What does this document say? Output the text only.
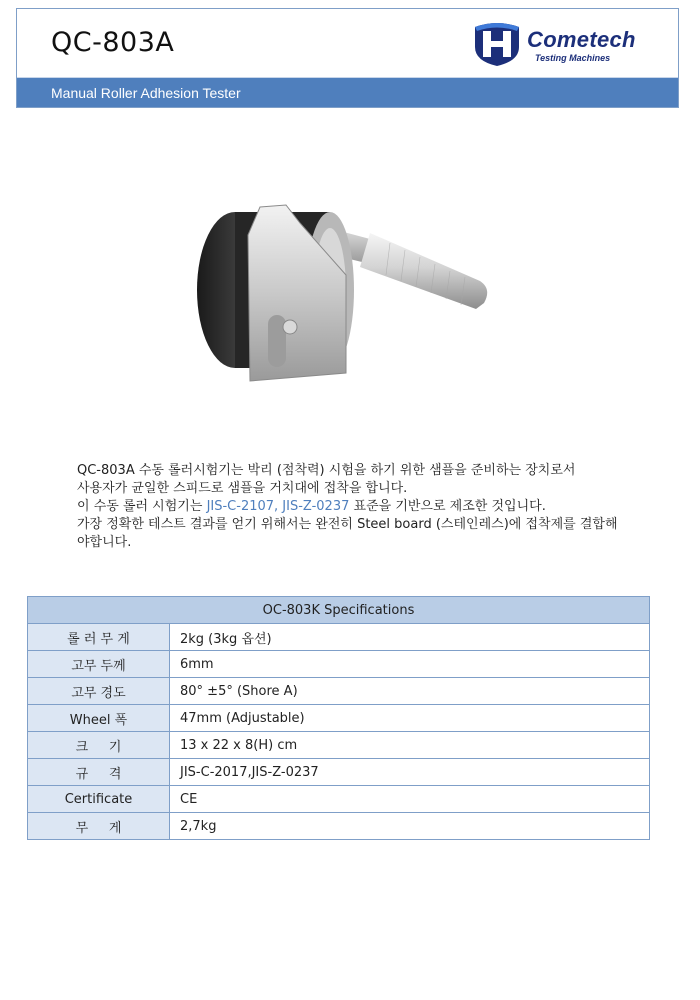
QC-803A	Cometech
Testing Machines
Manual Roller Adhesion Tester

QC-803A 수동 롤러시험기는 박리 (점착력) 시험을 하기 위한 샘플을 준비하는 장치로서

사용자가 균일한 스피드로 샘플을 거치대에 접착을 합니다.

이 수동 롤러 시험기는 JIS-C-2107, JIS-Z-0237 표준을 기반으로 제조한 것입니다.

가장 정확한 테스트 결과를 얻기 위해서는 완전히 Steel board (스테인레스)에 접착제를 결합해

야합니다.

OC-803K Specifications	
롤 러 무 게	2kg (3kg 옵션)
고무 두께	6mm
고무 경도	80° ±5° (Shore A)
Wheel 폭	47mm (Adjustable)
크     기	13 x 22 x 8(H) cm
규     격	JIS-C-2017,JIS-Z-0237
Certificate	CE
무     게	2,7kg
